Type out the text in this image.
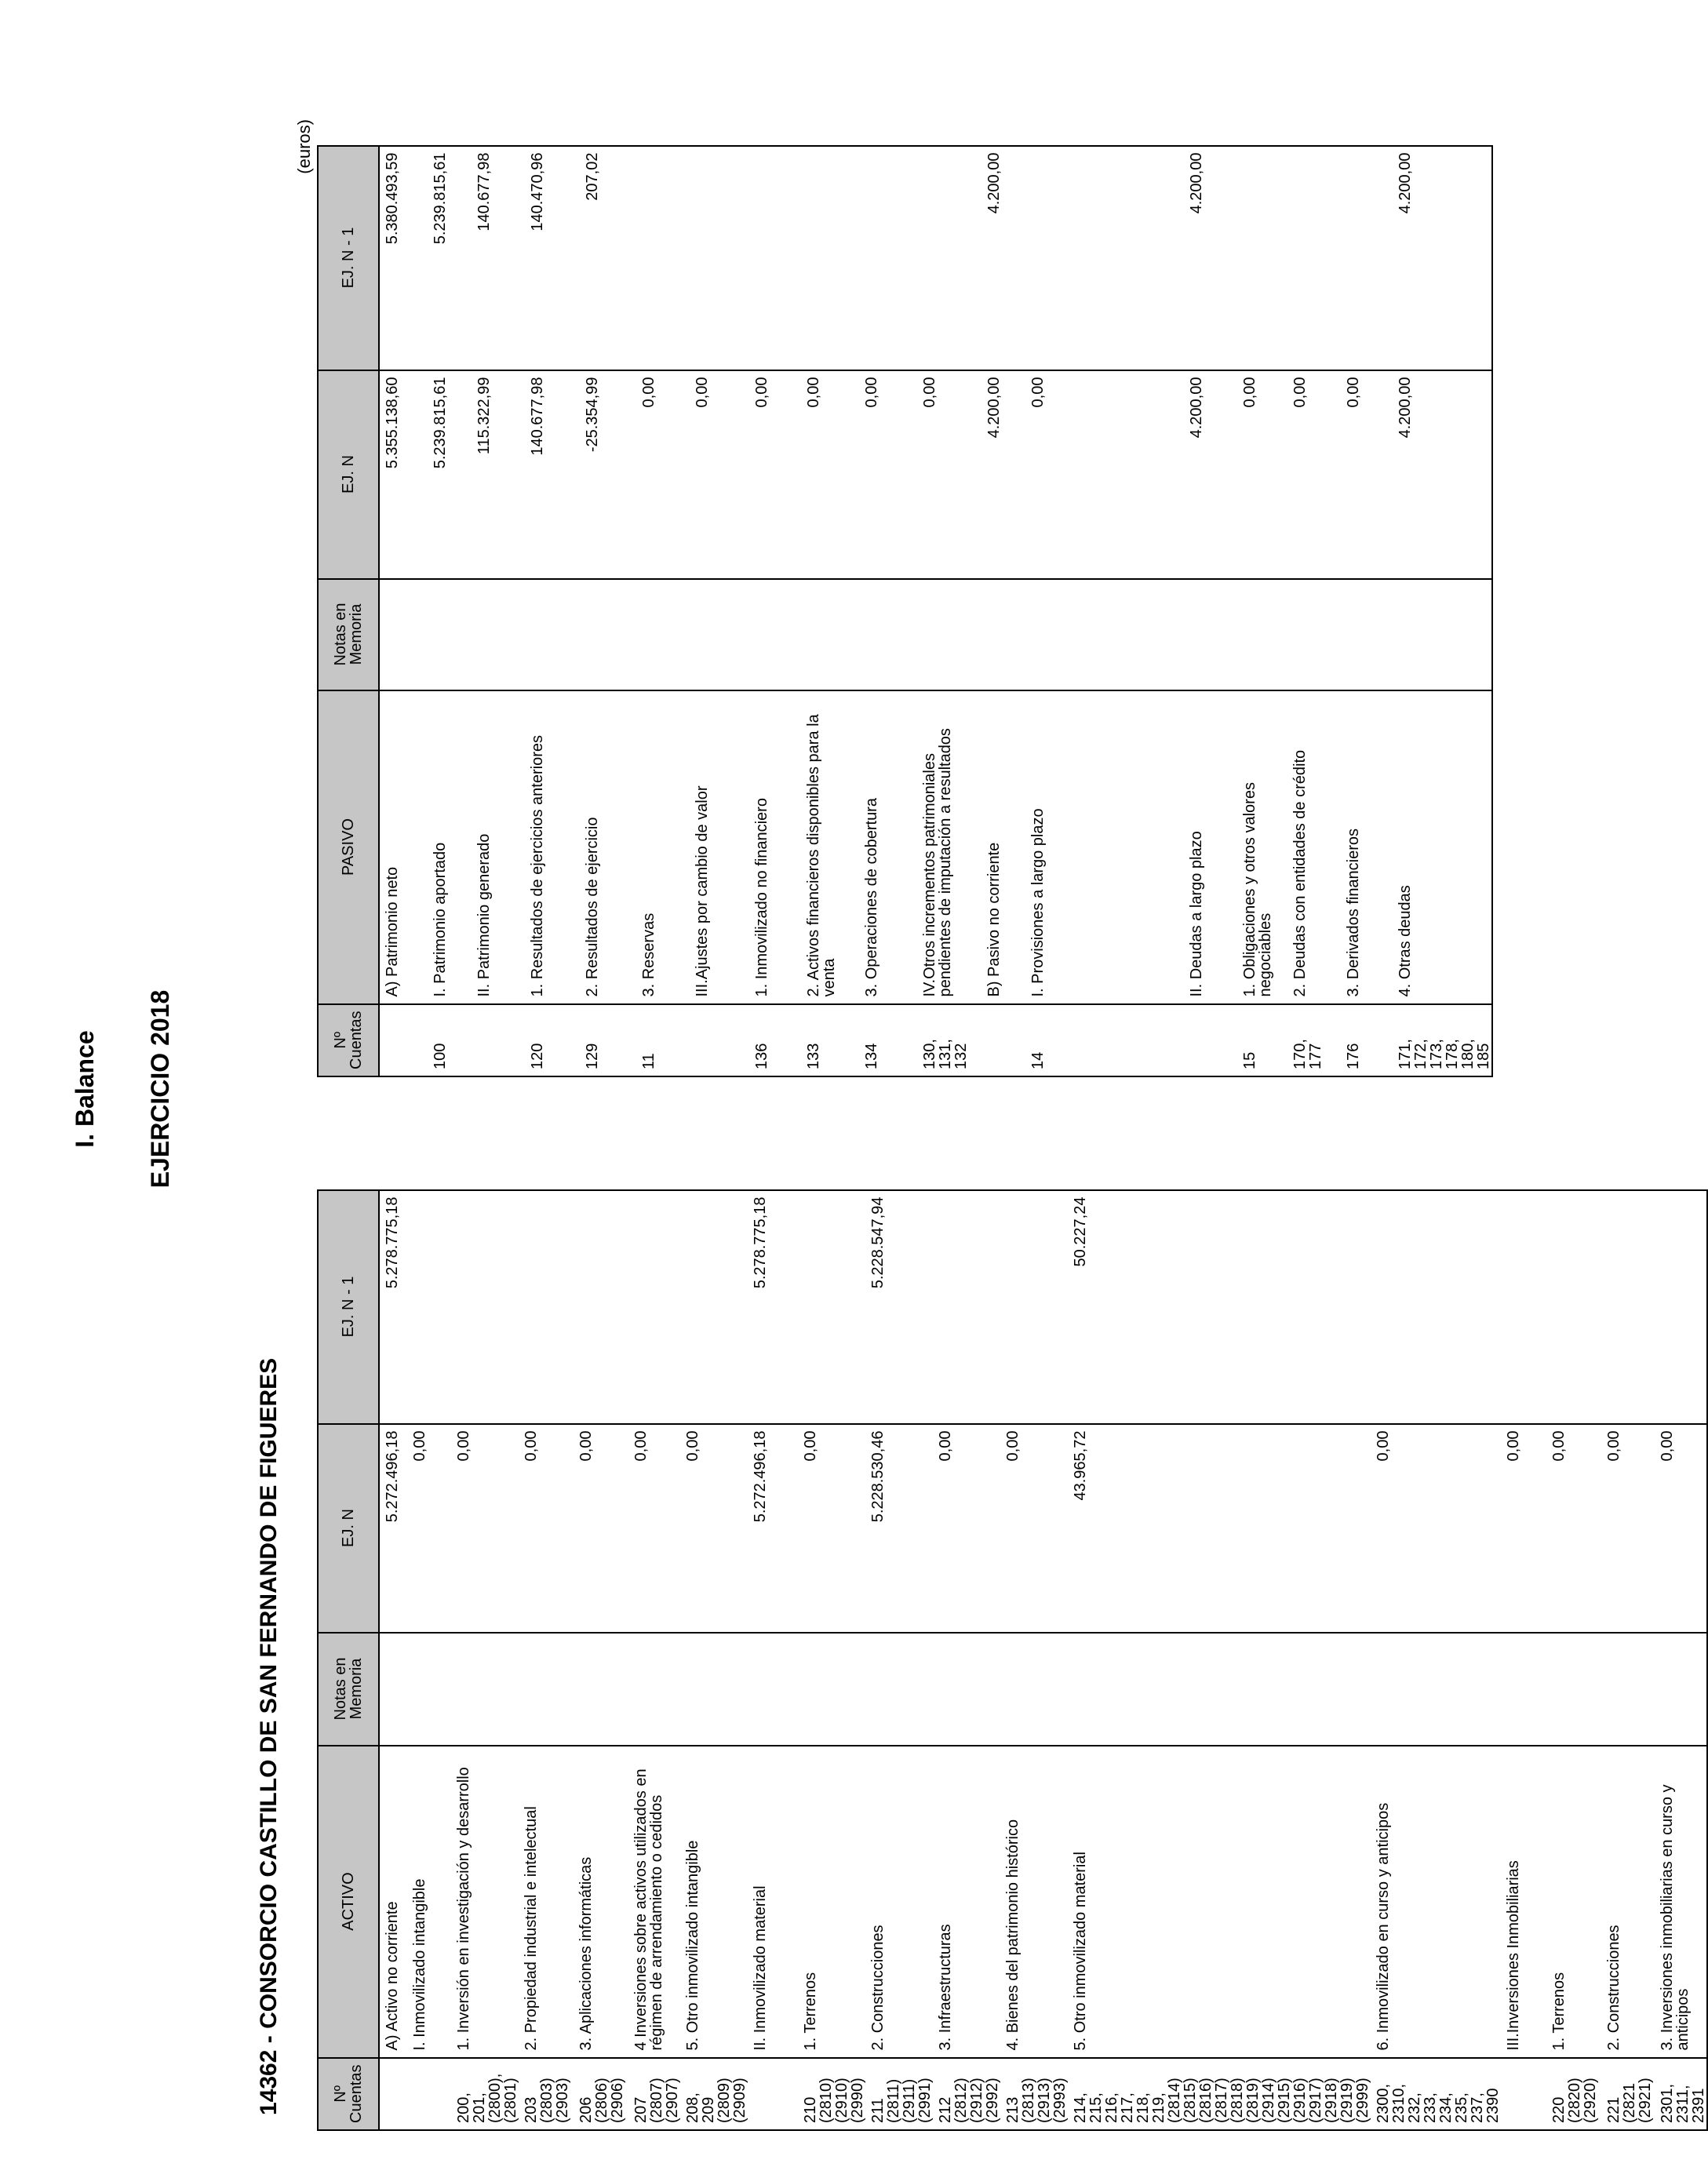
I. Balance EJERCICIO 2018
14362 - CONSORCIO CASTILLO DE SAN FERNANDO DE FIGUERES
(euros)
Nº Cuentas	ACTIVO	Notas en Memoria	EJ. N	EJ. N - 1
	A) Activo no corriente		5.272.496,18	5.278.775,18
	I. Inmovilizado intangible		0,00	
200, 201, (2800), (2801)	1. Inversión en investigación y desarrollo		0,00	
203 (2803) (2903)	2. Propiedad industrial e intelectual		0,00	
206 (2806) (2906)	3. Aplicaciones informáticas		0,00	
207 (2807) (2907)	4 Inversiones sobre activos utilizados en régimen de arrendamiento o cedidos		0,00	
208, 209 (2809) (2909)	5. Otro inmovilizado intangible		0,00	
	II. Inmovilizado material		5.272.496,18	5.278.775,18
210 (2810) (2910) (2990)	1. Terrenos		0,00	
211 (2811) (2911) (2991)	2. Construcciones		5.228.530,46	5.228.547,94
212 (2812) (2912) (2992)	3. Infraestructuras		0,00	
213 (2813) (2913) (2993)	4. Bienes del patrimonio histórico		0,00	
214, 215, 216, 217, 218, 219, (2814) (2815) (2816) (2817) (2818) (2819) (2914) (2915) (2916) (2917) (2918) (2919) (2999)	5. Otro inmovilizado material		43.965,72	50.227,24
2300, 2310, 232, 233, 234, 235, 237, 2390	6. Inmovilizado en curso y anticipos		0,00	
	III.Inversiones Inmobiliarias		0,00	
220 (2820) (2920)	1. Terrenos		0,00	
221 (2821 (2921)	2. Construcciones		0,00	
2301, 2311, 2391	3. Inversiones inmobiliarias en curso y anticipos		0,00	
Nº Cuentas	PASIVO	Notas en Memoria	EJ. N	EJ. N - 1
	A) Patrimonio neto		5.355.138,60	5.380.493,59
100	I. Patrimonio aportado		5.239.815,61	5.239.815,61
	II. Patrimonio generado		115.322,99	140.677,98
120	1. Resultados de ejercicios anteriores		140.677,98	140.470,96
129	2. Resultados de ejercicio		-25.354,99	207,02
11	3. Reservas		0,00	
	III.Ajustes por cambio de valor		0,00	
136	1. Inmovilizado no financiero		0,00	
133	2. Activos financieros disponibles para la venta		0,00	
134	3. Operaciones de cobertura		0,00	
130, 131, 132	IV.Otros incrementos patrimoniales pendientes de imputación a resultados		0,00	
	B) Pasivo no corriente		4.200,00	4.200,00
14	I. Provisiones a largo plazo		0,00	
	II. Deudas a largo plazo		4.200,00	4.200,00
15	1. Obligaciones y otros valores negociables		0,00	
170, 177	2. Deudas con entidades de crédito		0,00	
176	3. Derivados financieros		0,00	
171, 172, 173, 178, 180, 185	4. Otras deudas		4.200,00	4.200,00
